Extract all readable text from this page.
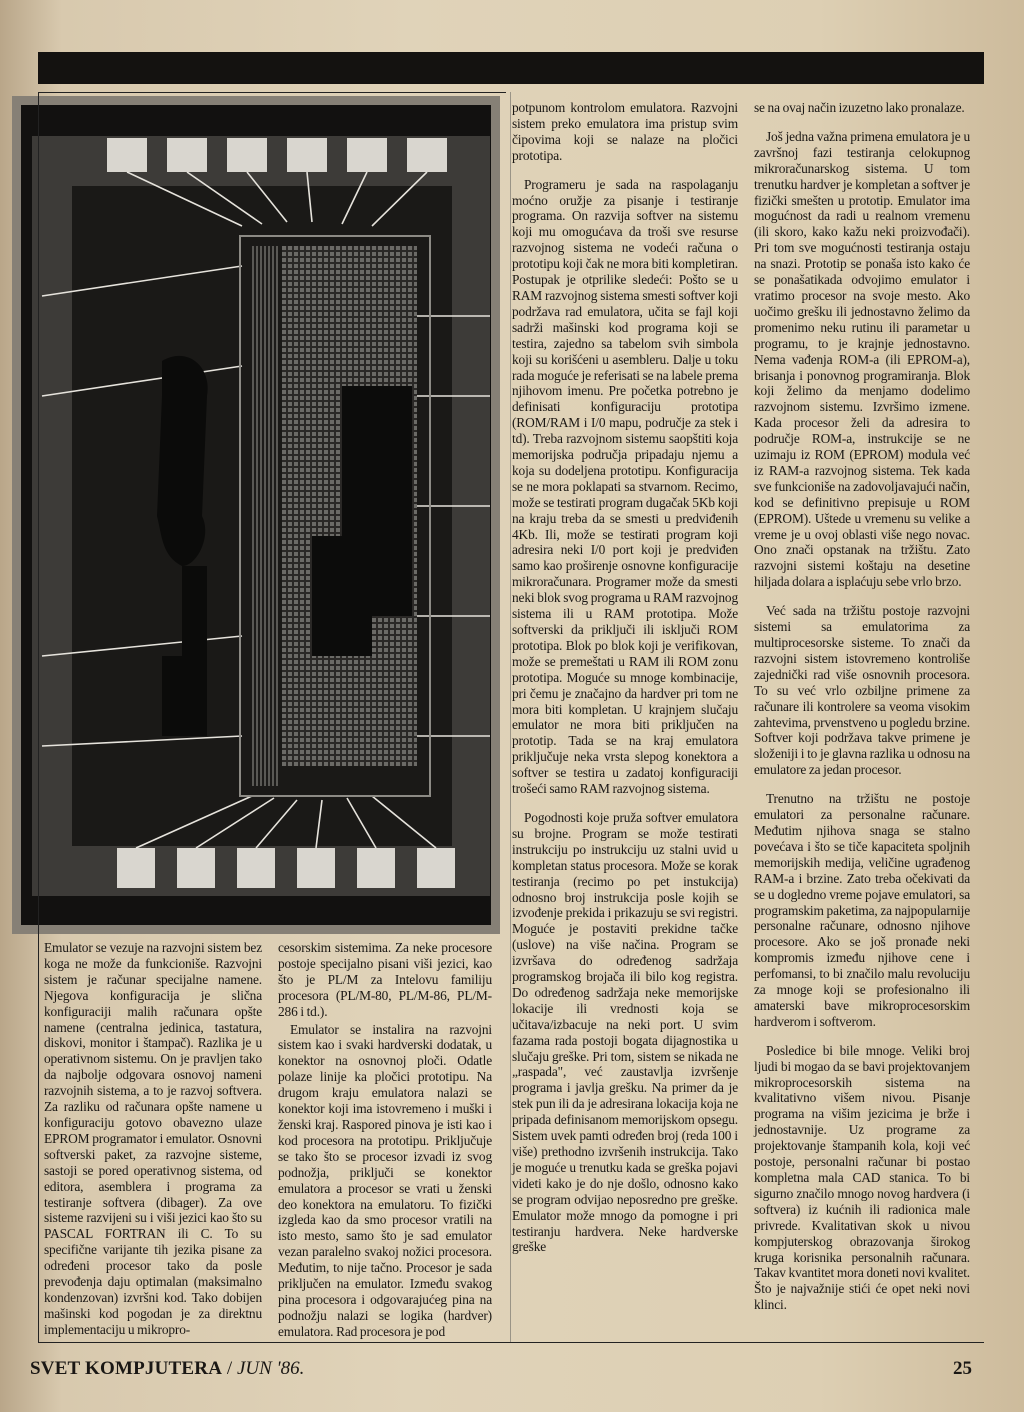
Emulator se vezuje na razvojni sistem bez koga ne može da funkcioniše. Razvojni sistem je računar specijalne namene. Njegova konfiguracija je slična konfiguraciji malih računara opšte namene (centralna jedinica, tastatura, diskovi, monitor i štampač). Razlika je u operativnom sistemu. On je pravljen tako da najbolje odgovara osnovoj nameni razvojnih sistema, a to je razvoj softvera. Za razliku od računara opšte namene u konfiguraciju gotovo obavezno ulaze EPROM programator i emulator. Osnovni softverski paket, za razvojne sisteme, sastoji se pored operativnog sistema, od editora, asemblera i programa za testiranje softvera (dibager). Za ove sisteme razvijeni su i viši jezici kao što su PASCAL FORTRAN ili C. To su specifične varijante tih jezika pisane za određeni procesor tako da posle prevođenja daju optimalan (maksimalno kondenzovan) izvršni kod. Tako dobijen mašinski kod pogodan je za direktnu implementaciju u mikropro-

cesorskim sistemima. Za neke procesore postoje specijalno pisani viši jezici, kao što je PL/M za Intelovu familiju procesora (PL/M-80, PL/M-86, PL/M-286 i td.).

Emulator se instalira na razvojni sistem kao i svaki hardverski dodatak, u konektor na osnovnoj ploči. Odatle polaze linije ka pločici prototipu. Na drugom kraju emulatora nalazi se konektor koji ima istovremeno i muški i ženski kraj. Raspored pinova je isti kao i kod procesora na prototipu. Priključuje se tako što se procesor izvadi iz svog podnožja, priključi se konektor emulatora a procesor se vrati u ženski deo konektora na emulatoru. To fizički izgleda kao da smo procesor vratili na isto mesto, samo što je sad emulator vezan paralelno svakoj nožici procesora. Međutim, to nije tačno. Procesor je sada priključen na emulator. Između svakog pina procesora i odgovarajućeg pina na podnožju nalazi se logika (hardver) emulatora. Rad procesora je pod

potpunom kontrolom emulatora. Razvojni sistem preko emulatora ima pristup svim čipovima koji se nalaze na pločici prototipa.

Programeru je sada na raspolaganju moćno oružje za pisanje i testiranje programa. On razvija softver na sistemu koji mu omogućava da troši sve resurse razvojnog sistema ne vodeći računa o prototipu koji čak ne mora biti kompletiran. Postupak je otprilike sledeći: Pošto se u RAM razvojnog sistema smesti softver koji podržava rad emulatora, učita se fajl koji sadrži mašinski kod programa koji se testira, zajedno sa tabelom svih simbola koji su korišćeni u asembleru. Dalje u toku rada moguće je referisati se na labele prema njihovom imenu. Pre početka potrebno je definisati konfiguraciju prototipa (ROM/RAM i I/0 mapu, područje za stek i td). Treba razvojnom sistemu saopštiti koja memorijska područja pripadaju njemu a koja su dodeljena prototipu. Konfiguracija se ne mora poklapati sa stvarnom. Recimo, može se testirati program dugačak 5Kb koji na kraju treba da se smesti u predviđenih 4Kb. Ili, može se testirati program koji adresira neki I/0 port koji je predviđen samo kao proširenje osnovne konfiguracije mikroračunara. Programer može da smesti neki blok svog programa u RAM razvojnog sistema ili u RAM prototipa. Može softverski da priključi ili isključi ROM prototipa. Blok po blok koji je verifikovan, može se premeštati u RAM ili ROM zonu prototipa. Moguće su mnoge kombinacije, pri čemu je značajno da hardver pri tom ne mora biti kompletan. U krajnjem slučaju emulator ne mora biti priključen na prototip. Tada se na kraj emulatora priključuje neka vrsta slepog konektora a softver se testira u zadatoj konfiguraciji trošeći samo RAM razvojnog sistema.

Pogodnosti koje pruža softver emulatora su brojne. Program se može testirati instrukciju po instrukciju uz stalni uvid u kompletan status procesora. Može se korak testiranja (recimo po pet instukcija) odnosno broj instrukcija posle kojih se izvođenje prekida i prikazuju se svi registri. Moguće je postaviti prekidne tačke (uslove) na više načina. Program se izvršava do određenog sadržaja programskog brojača ili bilo kog registra. Do određenog sadržaja neke memorijske lokacije ili vrednosti koja se učitava/izbacuje na neki port. U svim fazama rada postoji bogata dijagnostika u slučaju greške. Pri tom, sistem se nikada ne „raspada", već zaustavlja izvršenje programa i javlja grešku. Na primer da je stek pun ili da je adresirana lokacija koja ne pripada definisanom memorijskom opsegu. Sistem uvek pamti određen broj (reda 100 i više) prethodno izvršenih instrukcija. Tako je moguće u trenutku kada se greška pojavi videti kako je do nje došlo, odnosno kako se program odvijao neposredno pre greške. Emulator može mnogo da pomogne i pri testiranju hardvera. Neke hardverske greške

se na ovaj način izuzetno lako pronalaze.

Još jedna važna primena emulatora je u završnoj fazi testiranja celokupnog mikroračunarskog sistema. U tom trenutku hardver je kompletan a softver je fizički smešten u prototip. Emulator ima mogućnost da radi u realnom vremenu (ili skoro, kako kažu neki proizvođači). Pri tom sve mogućnosti testiranja ostaju na snazi. Prototip se ponaša isto kako će se ponašatikada odvojimo emulator i vratimo procesor na svoje mesto. Ako uočimo grešku ili jednostavno želimo da promenimo neku rutinu ili parametar u programu, to je krajnje jednostavno. Nema vađenja ROM-a (ili EPROM-a), brisanja i ponovnog programiranja. Blok koji želimo da menjamo dodelimo razvojnom sistemu. Izvršimo izmene. Kada procesor želi da adresira to područje ROM-a, instrukcije se ne uzimaju iz ROM (EPROM) modula već iz RAM-a razvojnog sistema. Tek kada sve funkcioniše na zadovoljavajući način, kod se definitivno prepisuje u ROM (EPROM). Uštede u vremenu su velike a vreme je u ovoj oblasti više nego novac. Ono znači opstanak na tržištu. Zato razvojni sistemi koštaju na desetine hiljada dolara a isplaćuju sebe vrlo brzo.

Već sada na tržištu postoje razvojni sistemi sa emulatorima za multiprocesorske sisteme. To znači da razvojni sistem istovremeno kontroliše zajednički rad više osnovnih procesora. To su već vrlo ozbiljne primene za računare ili kontrolere sa veoma visokim zahtevima, prvenstveno u pogledu brzine. Softver koji podržava takve primene je složeniji i to je glavna razlika u odnosu na emulatore za jedan procesor.

Trenutno na tržištu ne postoje emulatori za personalne računare. Međutim njihova snaga se stalno povećava i što se tiče kapaciteta spoljnih memorijskih medija, veličine ugrađenog RAM-a i brzine. Zato treba očekivati da se u dogledno vreme pojave emulatori, sa programskim paketima, za najpopularnije personalne računare, odnosno njihove procesore. Ako se još pronađe neki kompromis između njihove cene i perfomansi, to bi značilo malu revoluciju za mnoge koji se profesionalno ili amaterski bave mikroprocesorskim hardverom i softverom.

Posledice bi bile mnoge. Veliki broj ljudi bi mogao da se bavi projektovanjem mikroprocesorskih sistema na kvalitativno višem nivou. Pisanje programa na višim jezicima je brže i jednostavnije. Uz programe za projektovanje štampanih kola, koji već postoje, personalni računar bi postao kompletna mala CAD stanica. To bi sigurno značilo mnogo novog hardvera (i softvera) iz kućnih ili radionica male privrede. Kvalitativan skok u nivou kompjuterskog obrazovanja širokog kruga korisnika personalnih računara. Takav kvantitet mora doneti novi kvalitet. Što je najvažnije stići će opet neki novi klinci.

SVET KOMPJUTERA / JUN '86.	25
